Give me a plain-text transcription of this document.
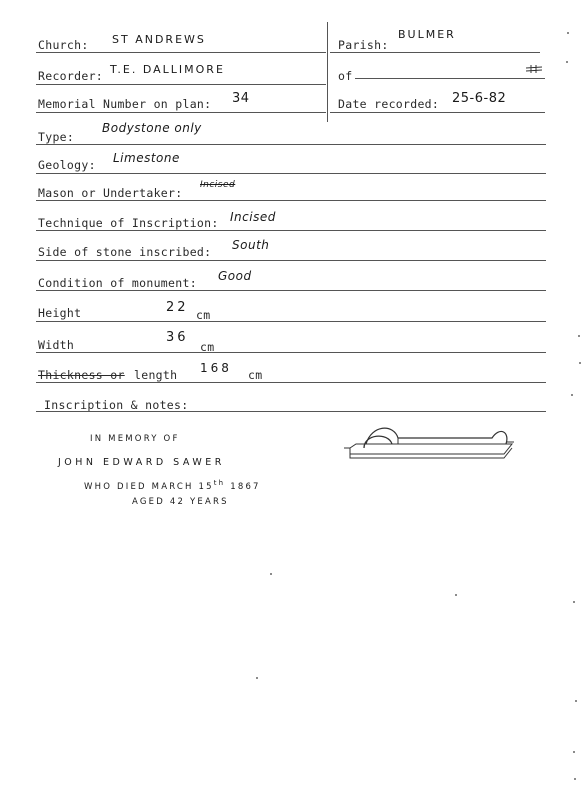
Church: ST ANDREWS	Parish:
BULMER
Recorder: T.E. DALLIMORE	of
Memorial Number on plan: 34	Date recorded: 25-6-82
Type:
Bodystone only
Geology: Limestone
Mason or Undertaker:
Incised
Technique of Inscription: Incised
Side of stone inscribed: South
Condition of monument: Good
Height	22 cm
Width	36
cm
Thickness or length 168 cm
Inscription & notes:
IN MEMORY OF
JOHN EDWARD SAWER
WHO DIED MARCH 15th 1867
AGED 42 YEARS
